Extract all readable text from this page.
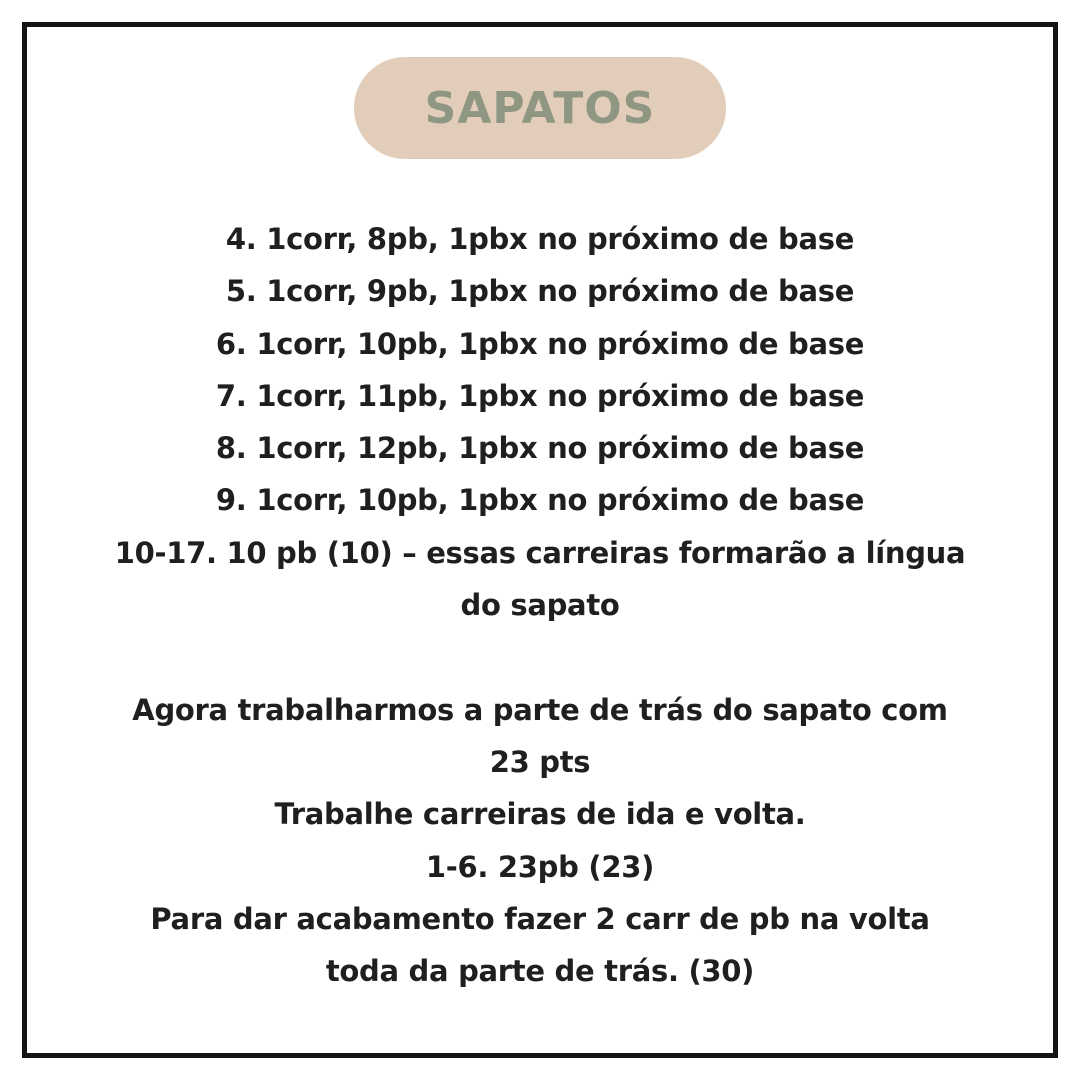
SAPATOS
4. 1corr, 8pb, 1pbx no próximo de base
5. 1corr, 9pb, 1pbx no próximo de base
6. 1corr, 10pb, 1pbx no próximo de base
7. 1corr, 11pb, 1pbx no próximo de base
8. 1corr, 12pb, 1pbx no próximo de base
9. 1corr, 10pb, 1pbx no próximo de base
10-17. 10 pb (10) – essas carreiras formarão a língua
do sapato
Agora trabalharmos a parte de trás do sapato com
23 pts
Trabalhe carreiras de ida e volta.
1-6. 23pb (23)
Para dar acabamento fazer 2 carr de pb na volta
toda da parte de trás. (30)
